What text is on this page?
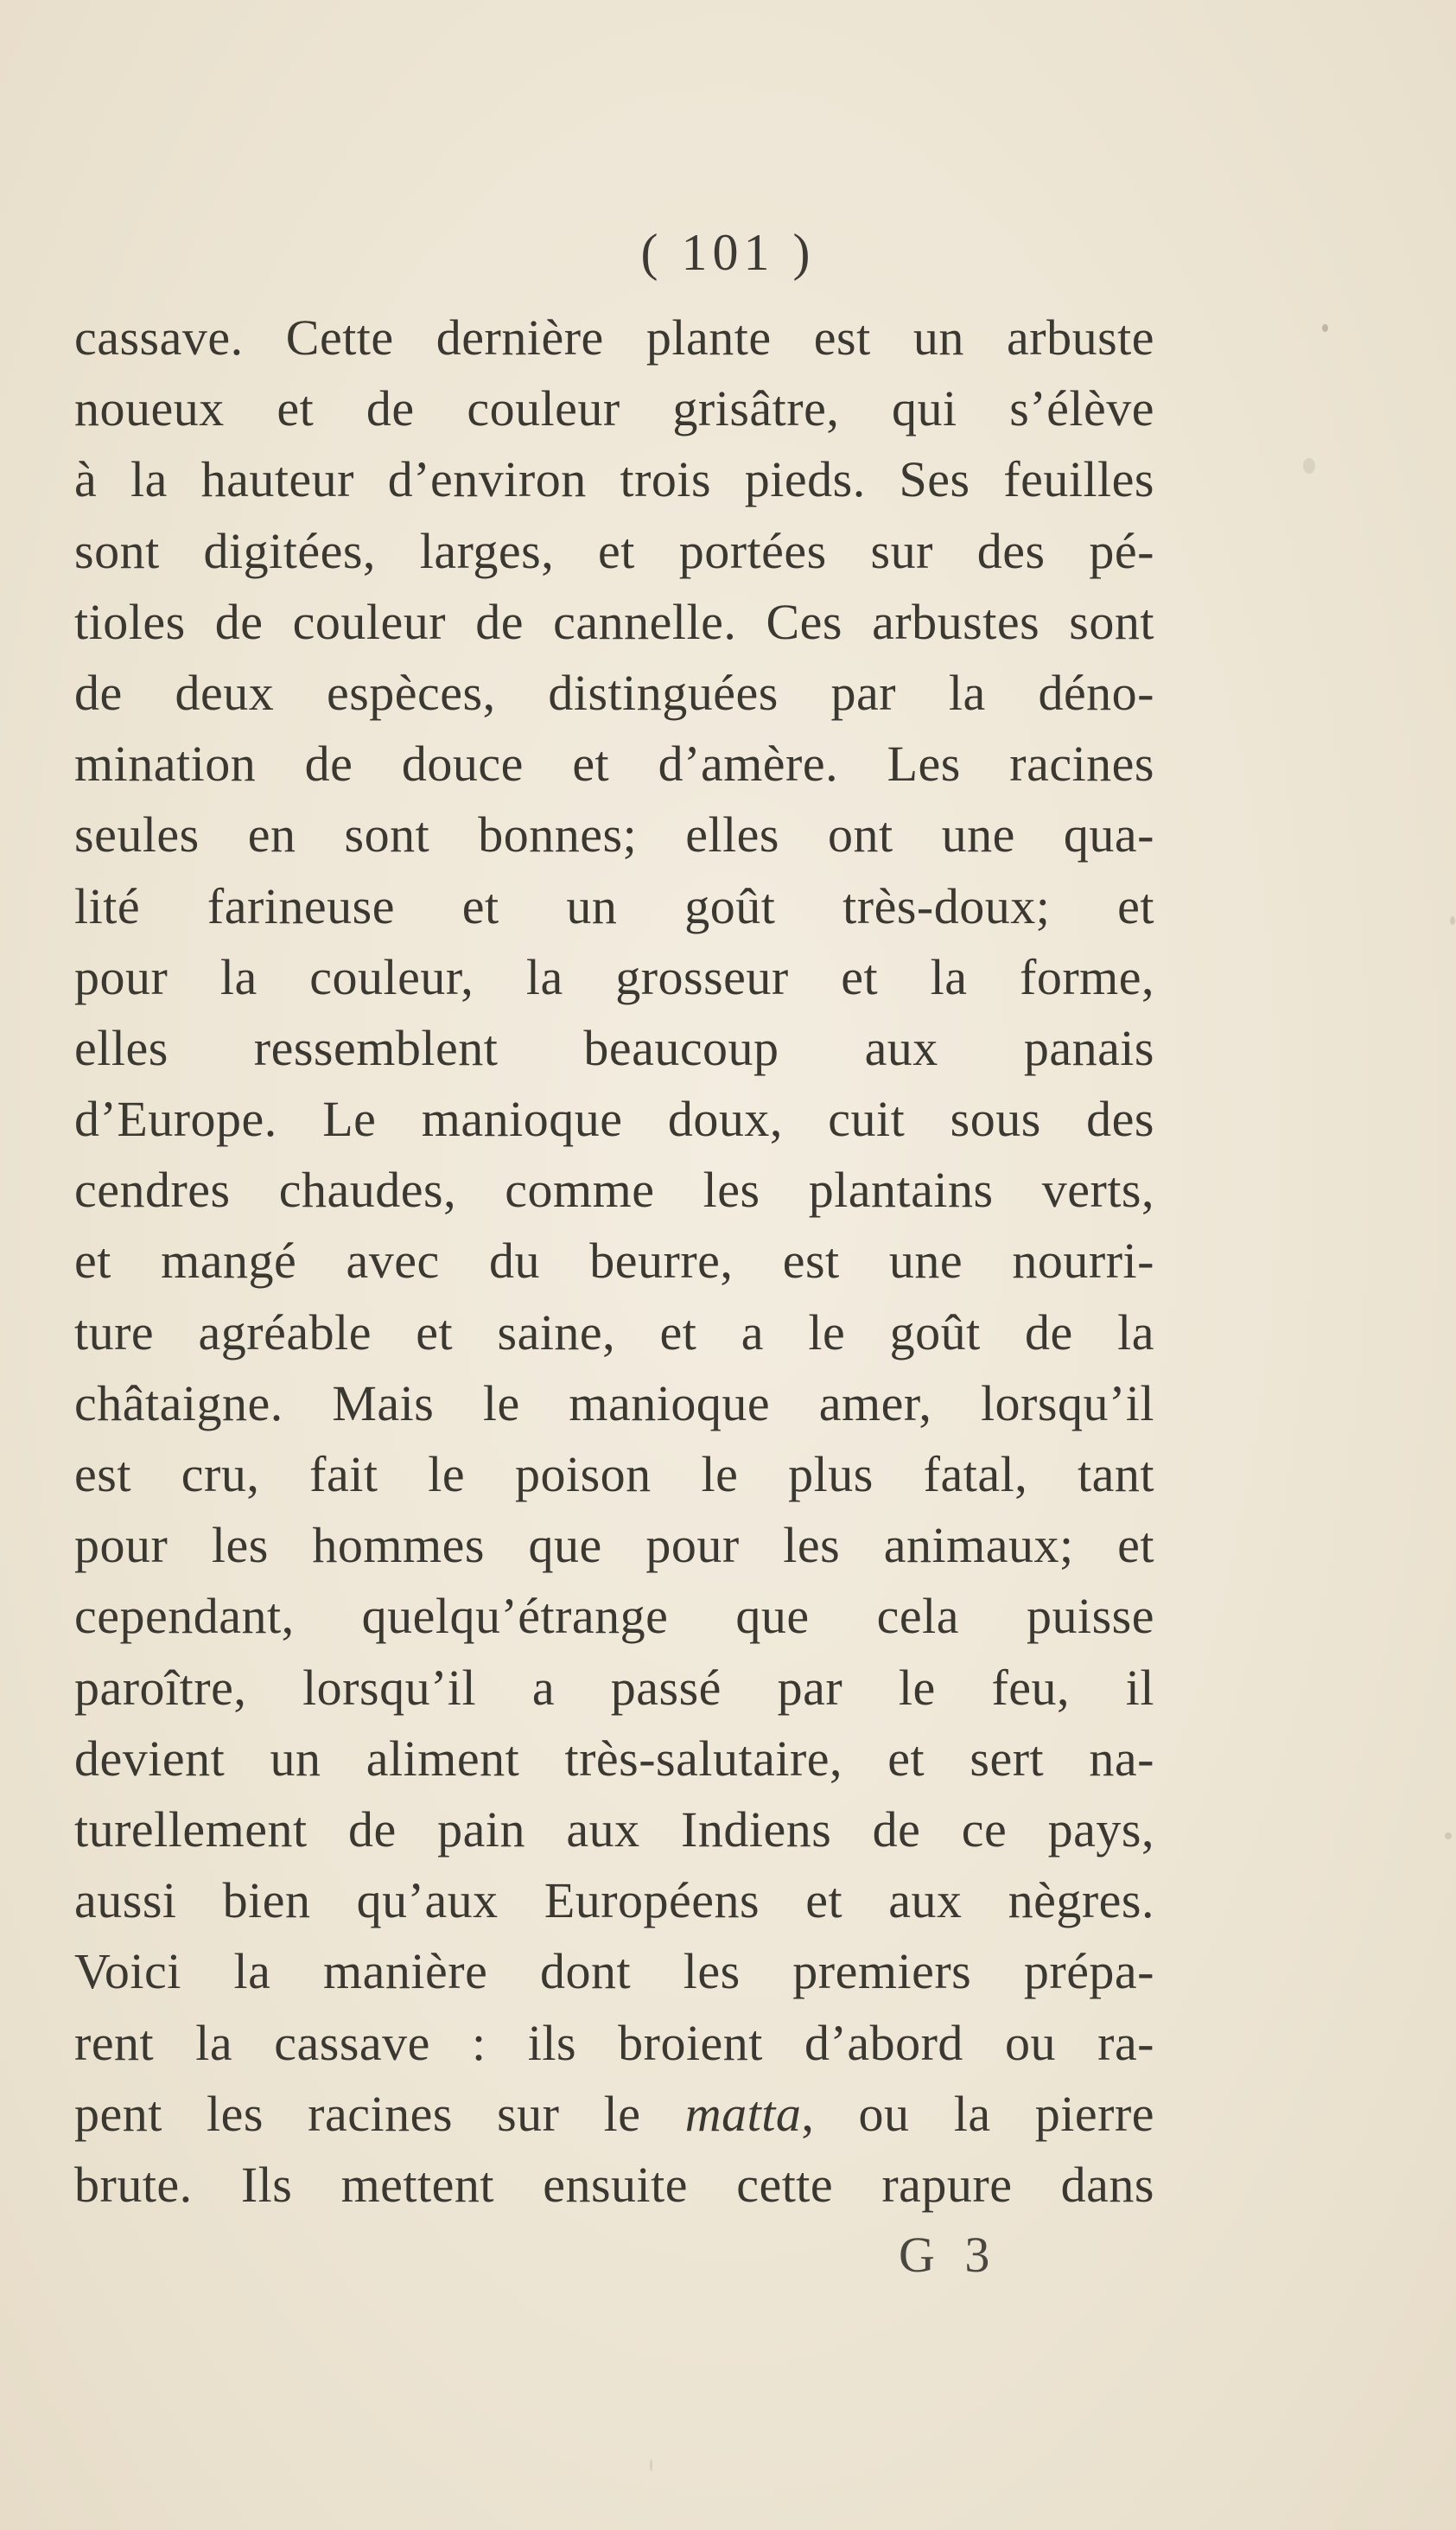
( 101 )
cassave. Cette dernière plante est un arbuste
noueux et de couleur grisâtre, qui s’élève
à la hauteur d’environ trois pieds. Ses feuilles
sont digitées, larges, et portées sur des pé-
tioles de couleur de cannelle. Ces arbustes sont
de deux espèces, distinguées par la déno-
mination de douce et d’amère. Les racines
seules en sont bonnes; elles ont une qua-
lité farineuse et un goût très-doux; et
pour la couleur, la grosseur et la forme,
elles ressemblent beaucoup aux panais
d’Europe. Le manioque doux, cuit sous des
cendres chaudes, comme les plantains verts,
et mangé avec du beurre, est une nourri-
ture agréable et saine, et a le goût de la
châtaigne. Mais le manioque amer, lorsqu’il
est cru, fait le poison le plus fatal, tant
pour les hommes que pour les animaux; et
cependant, quelqu’étrange que cela puisse
paroître, lorsqu’il a passé par le feu, il
devient un aliment très-salutaire, et sert na-
turellement de pain aux Indiens de ce pays,
aussi bien qu’aux Européens et aux nègres.
Voici la manière dont les premiers prépa-
rent la cassave : ils broient d’abord ou ra-
pent les racines sur le matta, ou la pierre
brute. Ils mettent ensuite cette rapure dans
G 3
